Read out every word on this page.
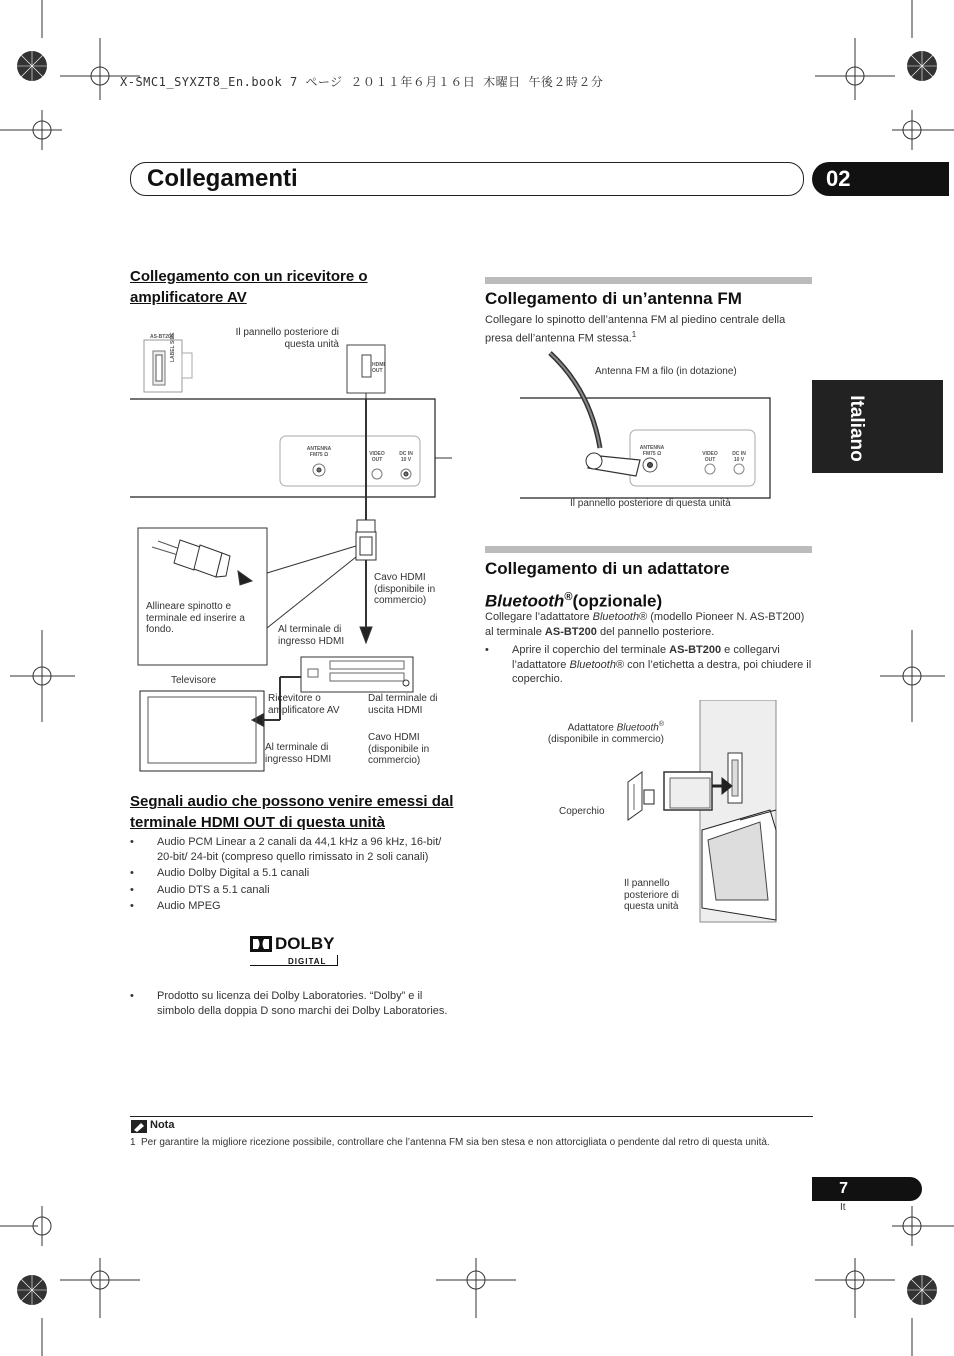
X-SMC1_SYXZT8_En.book 7 ページ ２０１１年６月１６日 木曜日 午後２時２分
Collegamenti	02
Italiano
Collegamento con un ricevitore o amplificatore AV
AS-BT200
LABEL SIDE	Il pannello posteriore di questa unità
HDMI OUT
ANTENNA FM75 Ω	VIDEO OUT
DC IN 10 V
Cavo HDMI (disponibile in commercio)
Allineare spinotto e terminale ed inserire a fondo.	Al terminale di ingresso HDMI
Televisore
Ricevitore o amplificatore AV
Dal terminale di uscita HDMI
Al terminale di ingresso HDMI
Cavo HDMI (disponibile in commercio)
Segnali audio che possono venire emessi dal terminale HDMI OUT di questa unità
• Audio PCM Linear a 2 canali da 44,1 kHz a 96 kHz, 16-bit/ 20-bit/ 24-bit (compreso quello rimissato in 2 soli canali)
• Audio Dolby Digital a 5.1 canali
• Audio DTS a 5.1 canali
• Audio MPEG
DOLBY
DIGITAL
• Prodotto su licenza dei Dolby Laboratories. “Dolby” e il simbolo della doppia D sono marchi dei Dolby Laboratories.
Collegamento di un’antenna FM
Collegare lo spinotto dell’antenna FM al piedino centrale della presa dell’antenna FM stessa.$^1$
Antenna FM a filo (in dotazione)
ANTENNA FM75 Ω	VIDEO OUT
DC IN 10 V
Il pannello posteriore di questa unità
Collegamento di un adattatore
Bluetooth®(opzionale)
Collegare l’adattatore Bluetooth® (modello Pioneer N. AS-BT200) al terminale AS-BT200 del pannello posteriore.
• Aprire il coperchio del terminale AS-BT200 e collegarvi l’adattatore Bluetooth® con l’etichetta a destra, poi chiudere il coperchio.
Adattatore Bluetooth®
(disponibile in commercio)
Coperchio
Il pannello posteriore di questa unità
Nota
1 Per garantire la migliore ricezione possibile, controllare che l’antenna FM sia ben stesa e non attorcigliata o pendente dal retro di questa unità.
7
It
